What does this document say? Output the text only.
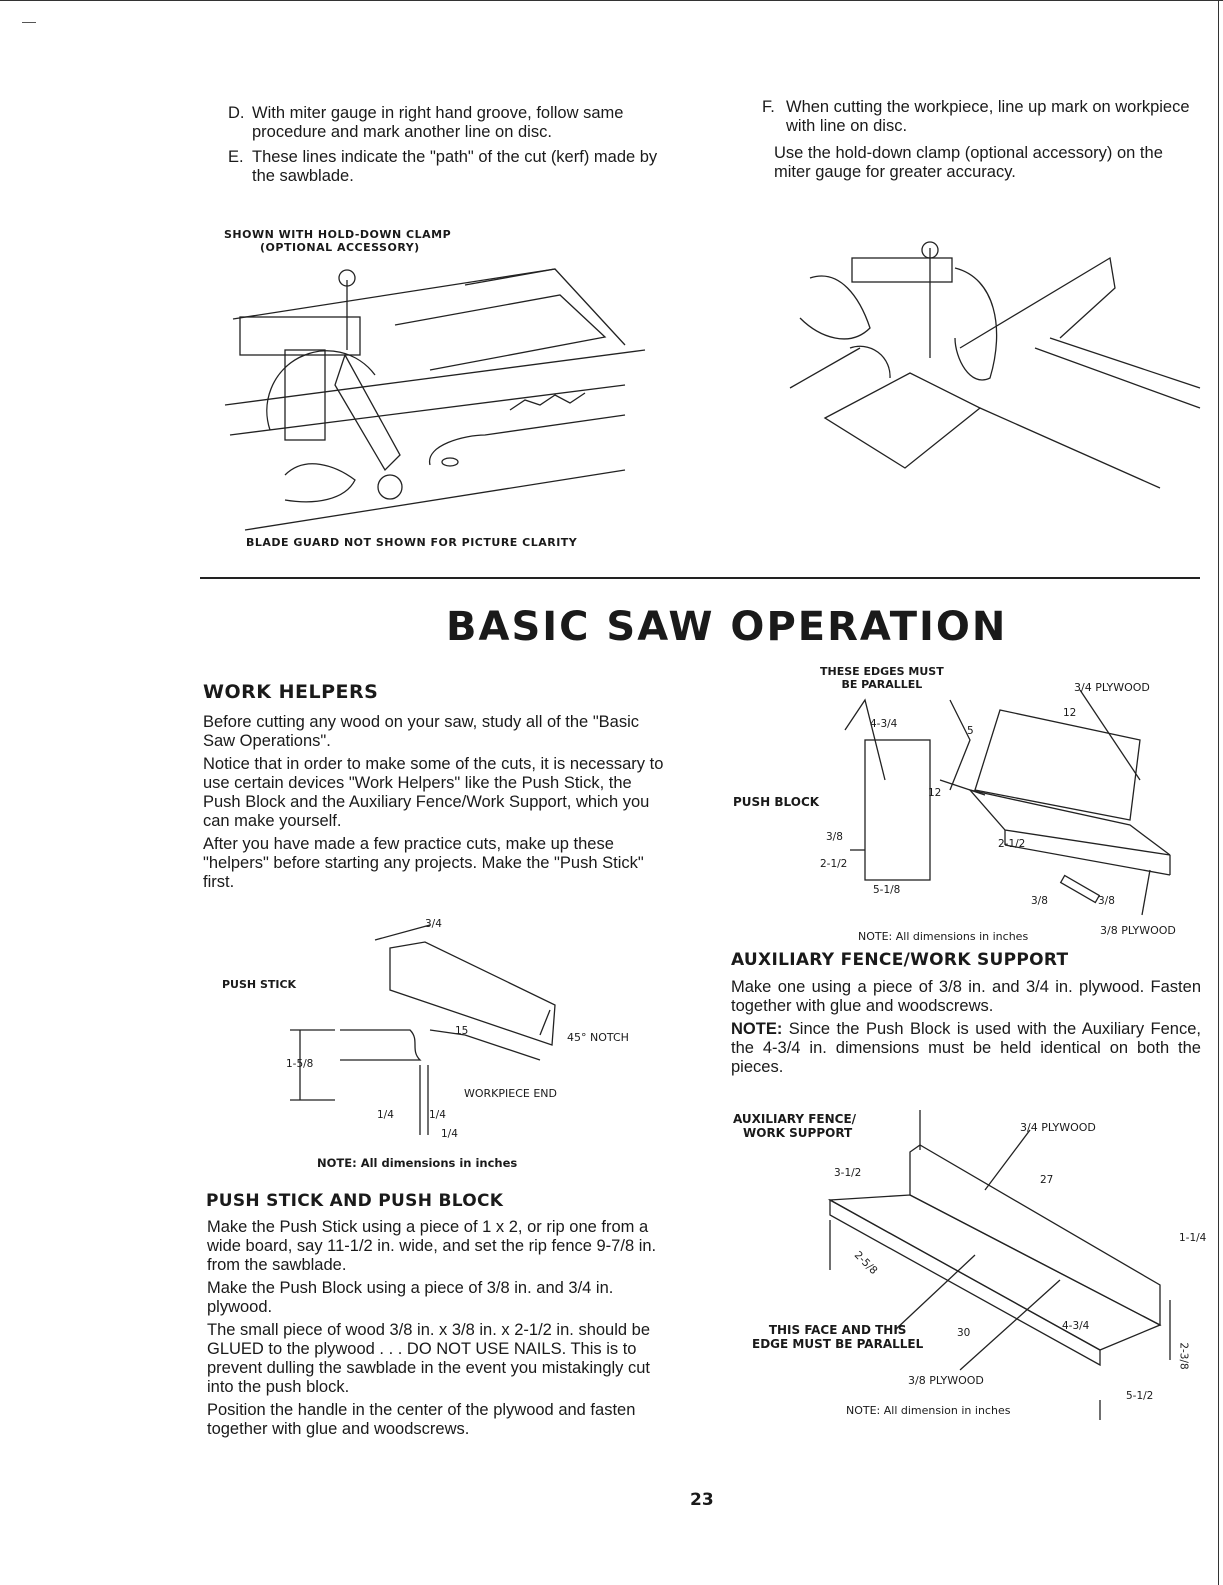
D. With miter gauge in right hand groove, follow same procedure and mark another line on disc.
E. These lines indicate the "path" of the cut (kerf) made by the sawblade.
SHOWN WITH HOLD-DOWN CLAMP
(OPTIONAL ACCESSORY)
BLADE GUARD NOT SHOWN FOR PICTURE CLARITY
F. When cutting the workpiece, line up mark on workpiece with line on disc.
Use the hold-down clamp (optional accessory) on the miter gauge for greater accuracy.
BASIC SAW OPERATION
WORK HELPERS

Before cutting any wood on your saw, study all of the "Basic Saw Operations".

Notice that in order to make some of the cuts, it is necessary to use certain devices "Work Helpers" like the Push Stick, the Push Block and the Auxiliary Fence/Work Support, which you can make yourself.

After you have made a few practice cuts, make up these "helpers" before starting any projects. Make the "Push Stick" first.

PUSH STICK
3/4
15	45° NOTCH
1-5/8
WORKPIECE END
1/4	1/4
1/4
NOTE: All dimensions in inches
PUSH STICK AND PUSH BLOCK

Make the Push Stick using a piece of 1 x 2, or rip one from a wide board, say 11-1/2 in. wide, and set the rip fence 9-7/8 in. from the sawblade.

Make the Push Block using a piece of 3/8 in. and 3/4 in. plywood.

The small piece of wood 3/8 in. x 3/8 in. x 2-1/2 in. should be GLUED to the plywood . . . DO NOT USE NAILS. This is to prevent dulling the sawblade in the event you mistakingly cut into the push block.

Position the handle in the center of the plywood and fasten together with glue and woodscrews.

THESE EDGES MUST
BE PARALLEL	3/4 PLYWOOD
12
4-3/4
5
12
PUSH BLOCK
3/8
2-1/2
2-1/2
5-1/8
3/8	3/8
NOTE: All dimensions in inches	3/8 PLYWOOD
AUXILIARY FENCE/WORK SUPPORT

Make one using a piece of 3/8 in. and 3/4 in. plywood. Fasten together with glue and woodscrews.

NOTE: Since the Push Block is used with the Auxiliary Fence, the 4-3/4 in. dimensions must be held identical on both the pieces.

AUXILIARY FENCE/
WORK SUPPORT	3/4 PLYWOOD
3-1/2
27
1-1/4
2-5/8
THIS FACE AND THIS
EDGE MUST BE PARALLEL
30
4-3/4
2-3/8
3/8 PLYWOOD
5-1/2
NOTE: All dimension in inches
23
